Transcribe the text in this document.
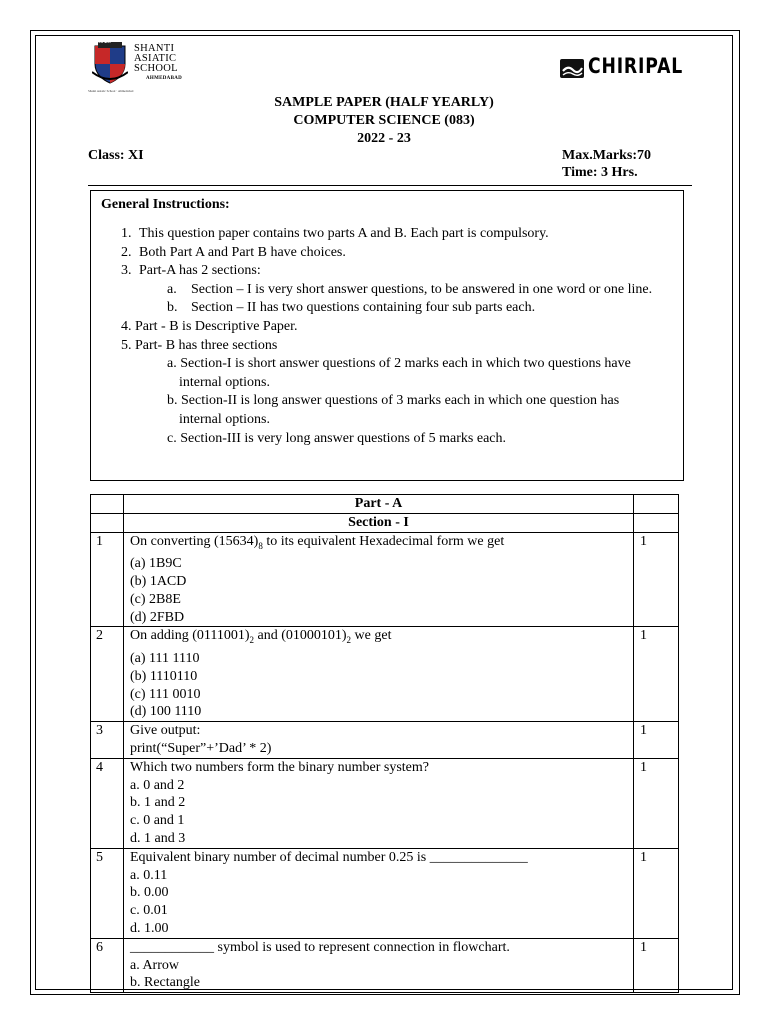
S.A.S
SHANTI
ASIATIC
SCHOOL
AHMEDABAD
Shanti Asiatic School · Ahmedabad
CHIRIPAL
SAMPLE PAPER (HALF YEARLY)
COMPUTER SCIENCE (083)
2022 - 23
Class: XI	Max.Marks:70
Time: 3 Hrs.
General Instructions:
1. This question paper contains two parts A and B. Each part is compulsory.
2. Both Part A and Part B have choices.
3. Part-A has 2 sections:
a. Section – I is very short answer questions, to be answered in one word or one line.
b. Section – II has two questions containing four sub parts each.
4. Part - B is Descriptive Paper.
5. Part- B has three sections
a. Section-I is short answer questions of 2 marks each in which two questions have
internal options.
b. Section-II is long answer questions of 3 marks each in which one question has
internal options.
c. Section-III is very long answer questions of 5 marks each.
	Part - A	
	Section - I	
1	On converting $(15634)_8$ to its equivalent Hexadecimal form we get
(a) 1B9C
(b) 1ACD
(c) 2B8E
(d) 2FBD	1
2	On adding $(0111001)_2$ and $(01000101)_2$ we get
(a) 111 1110
(b) 1110110
(c) 111 0010
(d) 100 1110	1
3	Give output:
print(“Super”+’Dad’ * 2)	1
4	Which two numbers form the binary number system?
a. 0 and 2
b. 1 and 2
c. 0 and 1
d. 1 and 3	1
5	Equivalent binary number of decimal number 0.25 is ______________
a. 0.11
b. 0.00
c. 0.01
d. 1.00	1
6	____________ symbol is used to represent connection in flowchart.
a. Arrow
b. Rectangle	1
